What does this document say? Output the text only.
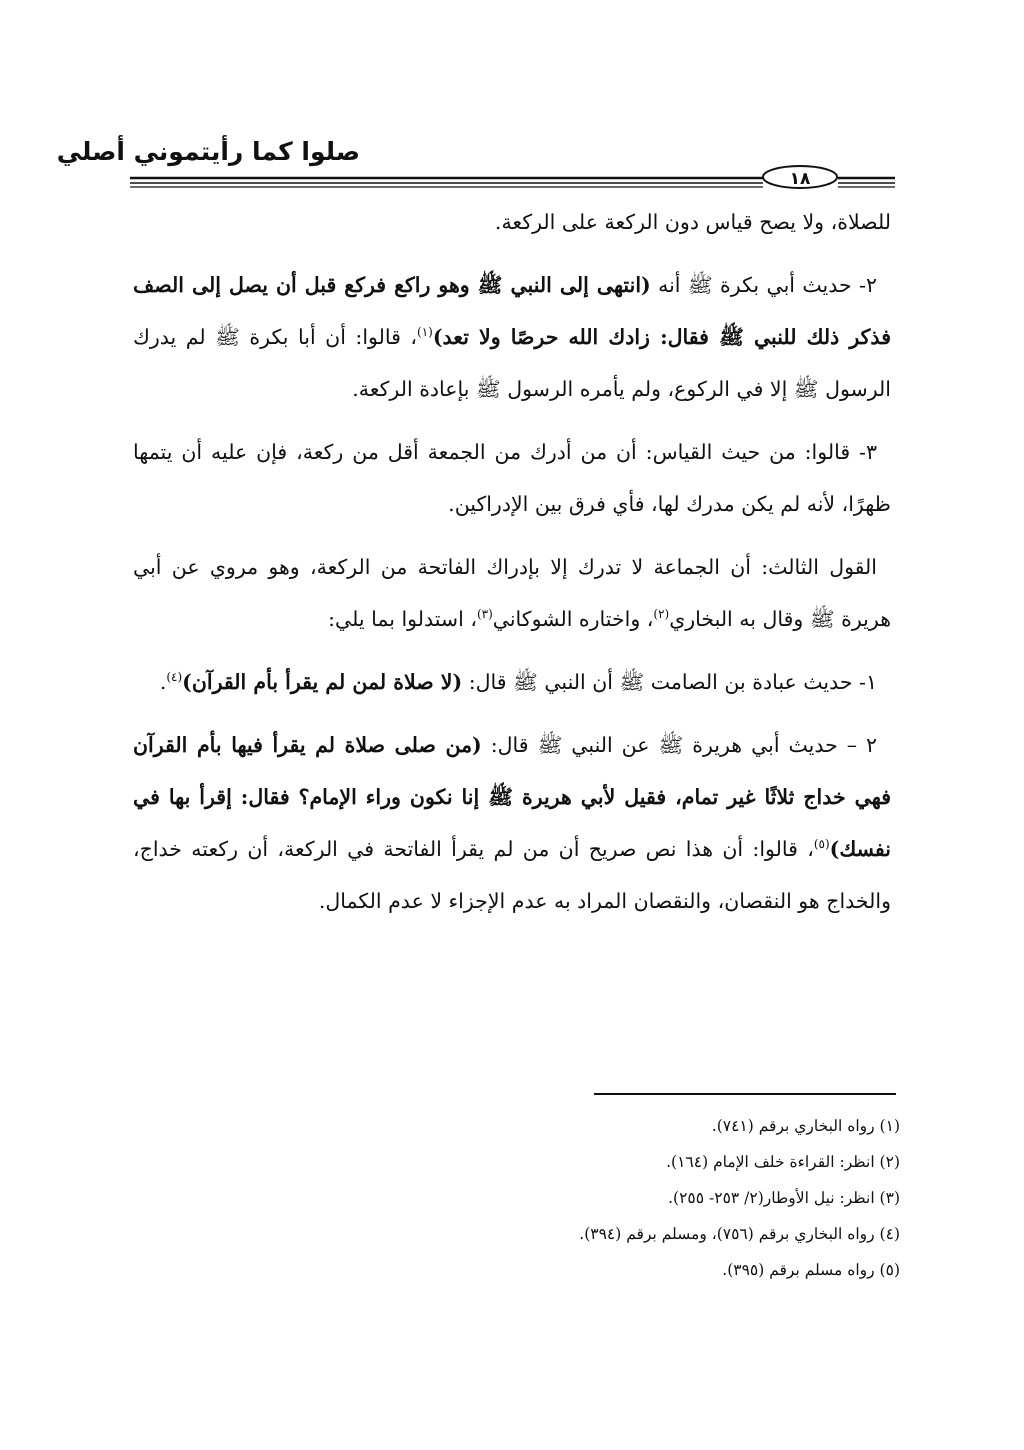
صلوا كما رأيتموني أصلي
١٨

للصلاة، ولا يصح قياس دون الركعة على الركعة.

٢- حديث أبي بكرة ﷺ أنه (انتهى إلى النبي ﷺ وهو راكع فركع قبل أن يصل إلى الصف فذكر ذلك للنبي ﷺ فقال: زادك الله حرصًا ولا تعد)$^{(١)}$، قالوا: أن أبا بكرة ﷺ لم يدرك الرسول ﷺ إلا في الركوع، ولم يأمره الرسول ﷺ بإعادة الركعة.

٣- قالوا: من حيث القياس: أن من أدرك من الجمعة أقل من ركعة، فإن عليه أن يتمها ظهرًا، لأنه لم يكن مدرك لها، فأي فرق بين الإدراكين.

القول الثالث: أن الجماعة لا تدرك إلا بإدراك الفاتحة من الركعة، وهو مروي عن أبي هريرة ﷺ وقال به البخاري$^{(٢)}$، واختاره الشوكاني$^{(٣)}$، استدلوا بما يلي:

١- حديث عبادة بن الصامت ﷺ أن النبي ﷺ قال: (لا صلاة لمن لم يقرأ بأم القرآن)$^{(٤)}$.

٢ – حديث أبي هريرة ﷺ عن النبي ﷺ قال: (من صلى صلاة لم يقرأ فيها بأم القرآن فهي خداج ثلاثًا غير تمام، فقيل لأبي هريرة ﷺ إنا نكون وراء الإمام؟ فقال: إقرأ بها في نفسك)$^{(٥)}$، قالوا: أن هذا نص صريح أن من لم يقرأ الفاتحة في الركعة، أن ركعته خداج، والخداج هو النقصان، والنقصان المراد به عدم الإجزاء لا عدم الكمال.

(١) رواه البخاري برقم (٧٤١).
(٢) انظر: القراءة خلف الإمام (١٦٤).
(٣) انظر: نيل الأوطار(٢/ ٢٥٣- ٢٥٥).
(٤) رواه البخاري برقم (٧٥٦)، ومسلم برقم (٣٩٤).
(٥) رواه مسلم برقم (٣٩٥).
